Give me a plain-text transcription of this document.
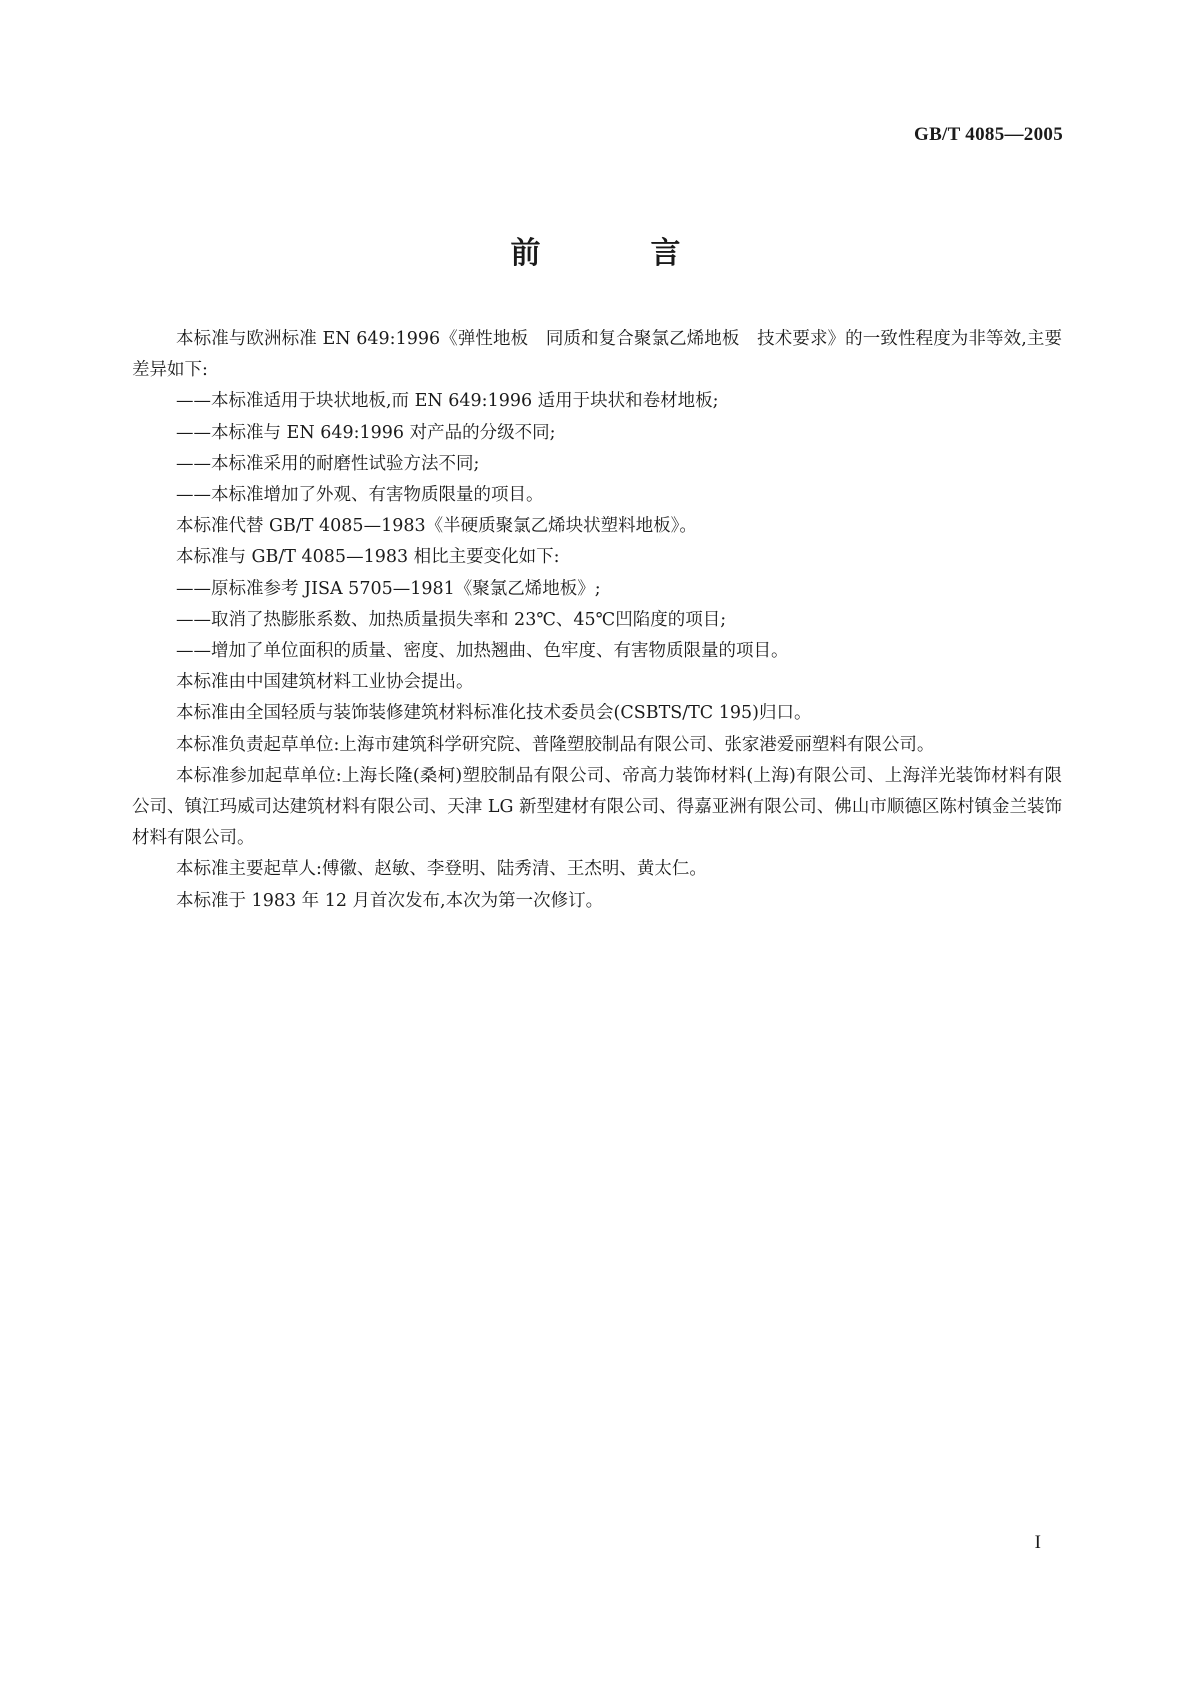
GB/T 4085—2005
前　言

本标准与欧洲标准 EN 649:1996《弹性地板　同质和复合聚氯乙烯地板　技术要求》的一致性程度为非等效,主要差异如下:

——本标准适用于块状地板,而 EN 649:1996 适用于块状和卷材地板;

——本标准与 EN 649:1996 对产品的分级不同;

——本标准采用的耐磨性试验方法不同;

——本标准增加了外观、有害物质限量的项目。

本标准代替 GB/T 4085—1983《半硬质聚氯乙烯块状塑料地板》。

本标准与 GB/T 4085—1983 相比主要变化如下:

——原标准参考 JISA 5705—1981《聚氯乙烯地板》;

——取消了热膨胀系数、加热质量损失率和 23℃、45℃凹陷度的项目;

——增加了单位面积的质量、密度、加热翘曲、色牢度、有害物质限量的项目。

本标准由中国建筑材料工业协会提出。

本标准由全国轻质与装饰装修建筑材料标准化技术委员会(CSBTS/TC 195)归口。

本标准负责起草单位:上海市建筑科学研究院、普隆塑胶制品有限公司、张家港爱丽塑料有限公司。

本标准参加起草单位:上海长隆(桑柯)塑胶制品有限公司、帝高力装饰材料(上海)有限公司、上海洋光装饰材料有限公司、镇江玛威司达建筑材料有限公司、天津 LG 新型建材有限公司、得嘉亚洲有限公司、佛山市顺德区陈村镇金兰装饰材料有限公司。

本标准主要起草人:傅徽、赵敏、李登明、陆秀清、王杰明、黄太仁。

本标准于 1983 年 12 月首次发布,本次为第一次修订。

I
